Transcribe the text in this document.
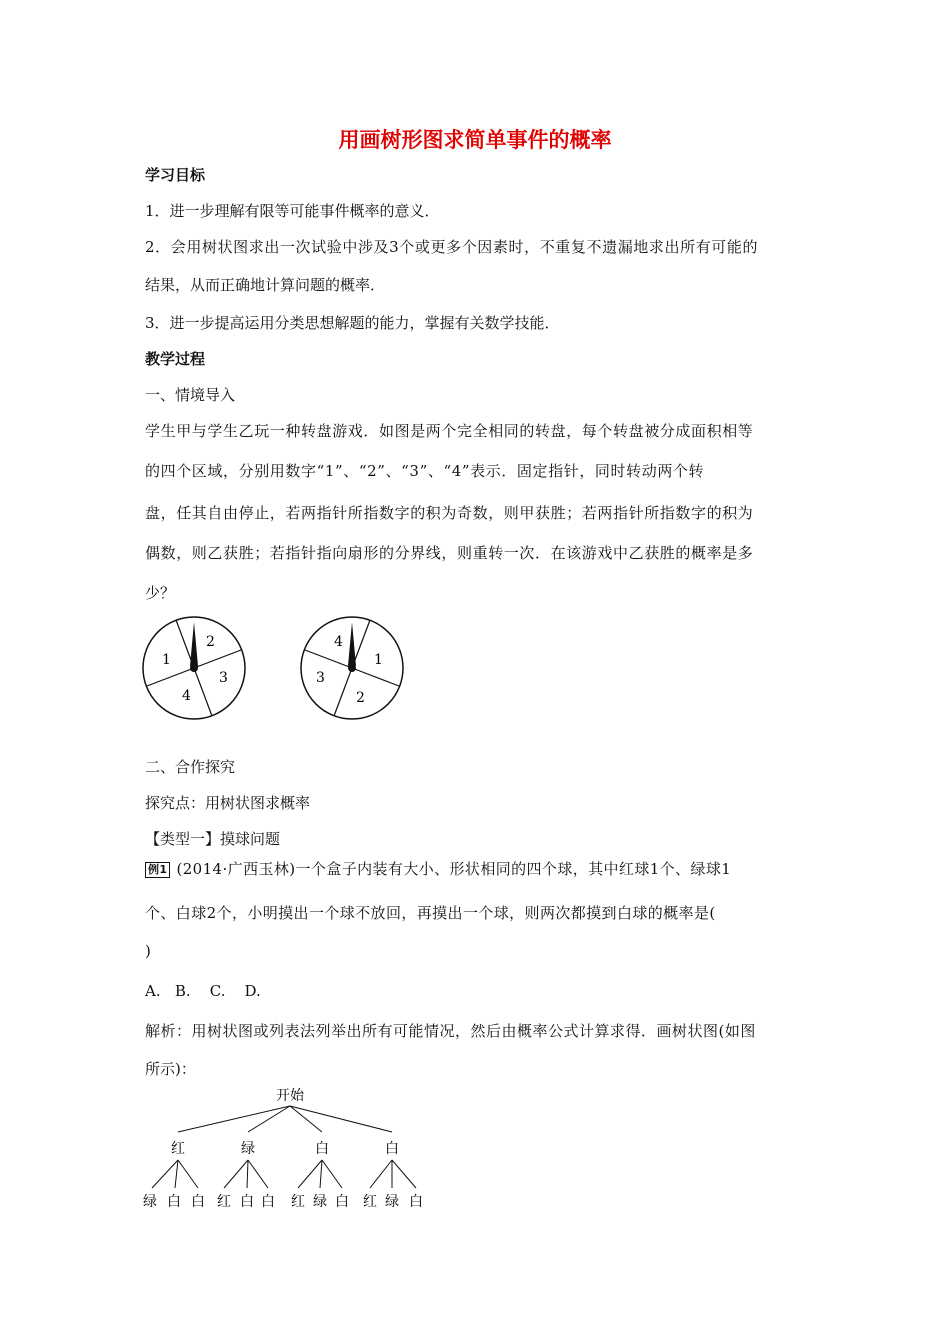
用画树形图求简单事件的概率
学习目标
1．进一步理解有限等可能事件概率的意义．
2．会用树状图求出一次试验中涉及3个或更多个因素时，不重复不遗漏地求出所有可能的
结果，从而正确地计算问题的概率．
3．进一步提高运用分类思想解题的能力，掌握有关数学技能．
教学过程
一、情境导入
学生甲与学生乙玩一种转盘游戏．如图是两个完全相同的转盘，每个转盘被分成面积相等
的四个区域，分别用数字“1”、“2”、“3”、“4”表示．固定指针，同时转动两个转
盘，任其自由停止，若两指针所指数字的积为奇数，则甲获胜；若两指针所指数字的积为
偶数，则乙获胜；若指针指向扇形的分界线，则重转一次．在该游戏中乙获胜的概率是多
少？
2
1
3
4
4
1
3
2
二、合作探究
探究点：用树状图求概率
【类型一】摸球问题
例1 (2014·广西玉林)一个盒子内装有大小、形状相同的四个球，其中红球1个、绿球1
个、白球2个，小明摸出一个球不放回，再摸出一个球，则两次都摸到白球的概率是(
)
A.   B.    C.    D.
解析：用树状图或列表法列举出所有可能情况，然后由概率公式计算求得．画树状图(如图
所示)：
开始
红	绿	白	白
绿 白 白 红 白 白 红 绿 白 红 绿 白
